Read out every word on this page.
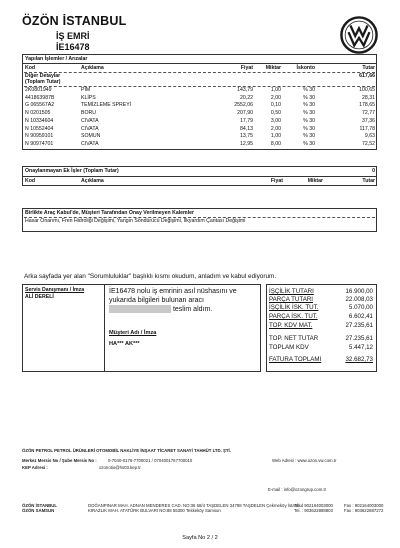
ÖZÖN İSTANBUL
İŞ EMRİ
İE16478
Yapılan İşlemler / Arızalar
Kod	Açıklama	Fiyat	Miktar	İskonto	Tutar
Diğer Detaylar	617,66
(Toplam Tutar)
2K0801949	PİM	143,79	1,00	% 30	100,65
441863987B	KLİPS	20,22	2,00	% 30	28,31
G 065567A2	TEMİZLEME SPREYİ	2552,06	0,10	% 30	178,65
N 0201505	BORU	207,90	0,50	% 30	72,77
N 10334604	CIVATA	17,79	3,00	% 30	37,36
N 10552404	CIVATA	84,13	2,00	% 30	117,78
N 90959101	SOMUN	13,75	1,00	% 30	9,63
N 90974701	CIVATA	12,95	8,00	% 30	72,52
Onaylanmayan Ek İşler (Toplam Tutar)	0
Kod	Açıklama	Fiyat	Miktar	Tutar
Birlikte Araç Kabul'de, Müşteri Tarafından Onay Verilmeyen Kalemler
Hasar Onarımı, Fren Hidroliği Değişimi, Yangın Söndürücü Değişimi, İlkyardım Çantası Değişimi
Arka sayfada yer alan "Sorumluluklar" başlıklı kısmı okudum, anladım ve kabul ediyorum.
Servis Danışmanı / İmza
ALİ DERELİ
İE16478 nolu iş emrinin asıl nüshasını ve yukarıda bilgileri bulunan aracı  teslim aldım.
Müşteri Adı / İmza
HA*** AK***
İŞÇİLİK TUTARI	16.900,00
PARÇA TUTARI	22.008,03
İŞÇİLİK İSK. TUT.	5.070,00
PARÇA İSK. TUT.	6.602,41
TOP. KDV MAT.	27.235,61
TOP. NET TUTAR	27.235,61
TOPLAM KDV	5.447,12
FATURA TOPLAMI	32.682,73
ÖZÖN PETROL PETROL ÜRÜNLERİ OTOMOBİL NAKLİYE İNŞAAT TİCARET SANAYİ TAHHÜT LTD. ŞTİ.
Merkez Mersis No / Şube Mersis No :	0-7040-0176-7700021 / 0704001767700010	Web Adresi : www.ozon.vw.com.tr
KEP Adresi :	ozonotio@hs03.kep.tr
E-mail : info@ozongrup.com.tr
ÖZÖN İSTANBUL	DOĞANPINAR MAH. ADNAN MENDERES CAD. NO:36 58/4 TAŞDELEN 34788 TAŞDELEN Çekmeköy İstanbul
Tel. : 902164003000	Fax : 902164003000
ÖZÖN SAMSUN	KIRAZLIK MAH. ATATÜRK BULVARI NO:88 55300 Tekkeköy Samsun	Tel. : 903622888803	Fax : 903622887272
Sayfa No 2 / 2
